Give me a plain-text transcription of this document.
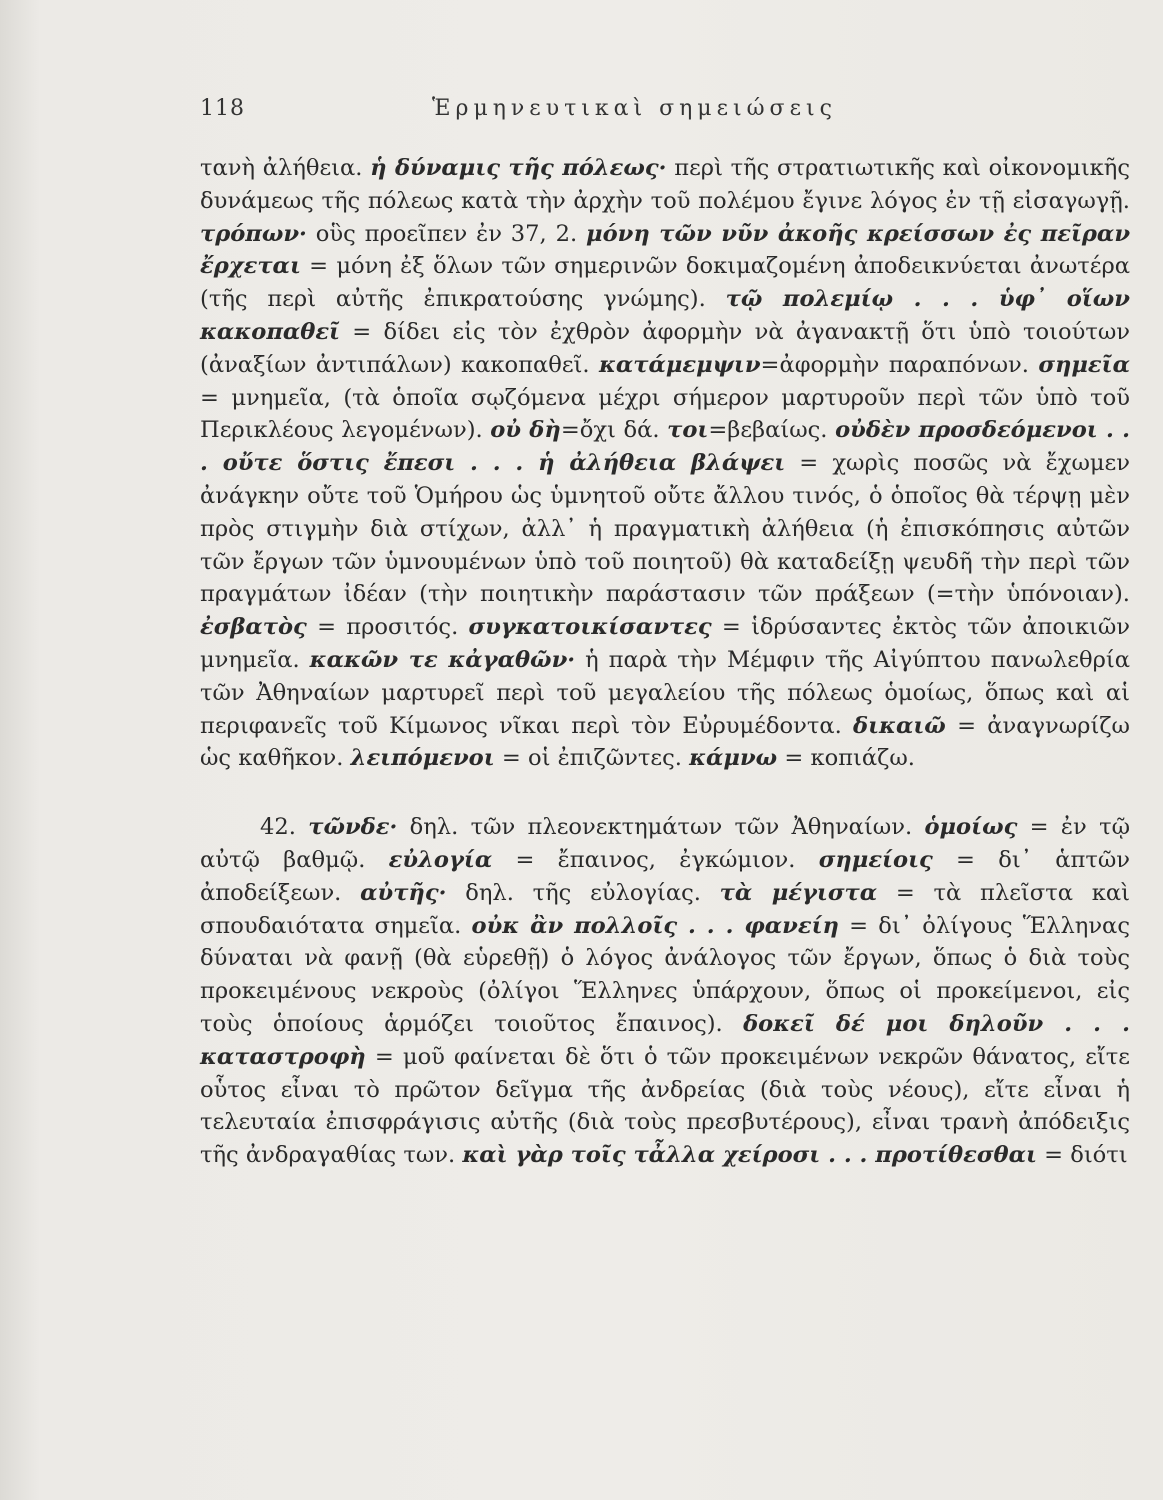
118	Ἑρμηνευτικαὶ σημειώσεις

τανὴ ἀλήθεια. ἡ δύναμις τῆς πόλεως· περὶ τῆς στρατιωτικῆς καὶ οἰκονομικῆς δυνάμεως τῆς πόλεως κατὰ τὴν ἀρχὴν τοῦ πολέμου ἔγινε λόγος ἐν τῇ εἰσαγωγῇ. τρόπων· οὓς προεῖπεν ἐν 37, 2. μόνη τῶν νῦν ἀκοῆς κρείσσων ἐς πεῖραν ἔρχεται = μόνη ἐξ ὅλων τῶν σημερινῶν δοκιμαζομένη ἀποδεικνύεται ἀνωτέρα (τῆς περὶ αὐτῆς ἐπικρατούσης γνώμης). τῷ πολεμίῳ . . . ὑφ᾽ οἵων κακοπαθεῖ = δίδει εἰς τὸν ἐχθρὸν ἀφορμὴν νὰ ἀγανακτῇ ὅτι ὑπὸ τοιούτων (ἀναξίων ἀντιπάλων) κακοπαθεῖ. κατάμεμψιν=ἀφορμὴν παραπόνων. σημεῖα = μνημεῖα, (τὰ ὁποῖα σῳζόμενα μέχρι σήμερον μαρτυροῦν περὶ τῶν ὑπὸ τοῦ Περικλέους λεγομένων). οὐ δὴ=ὄχι δά. τοι=βεβαίως. οὐδὲν προσδεόμενοι . . . οὔτε ὅστις ἔπεσι . . . ἡ ἀλήθεια βλάψει = χωρὶς ποσῶς νὰ ἔχωμεν ἀνάγκην οὔτε τοῦ Ὁμήρου ὡς ὑμνητοῦ οὔτε ἄλλου τινός, ὁ ὁποῖος θὰ τέρψῃ μὲν πρὸς στιγμὴν διὰ στίχων, ἀλλ᾽ ἡ πραγματικὴ ἀλήθεια (ἡ ἐπισκόπησις αὐτῶν τῶν ἔργων τῶν ὑμνουμένων ὑπὸ τοῦ ποιητοῦ) θὰ καταδείξῃ ψευδῆ τὴν περὶ τῶν πραγμάτων ἰδέαν (τὴν ποιητικὴν παράστασιν τῶν πράξεων (=τὴν ὑπόνοιαν). ἐσβατὸς = προσιτός. συγκατοικίσαντες = ἱδρύσαντες ἐκτὸς τῶν ἀποικιῶν μνημεῖα. κακῶν τε κἀγαθῶν· ἡ παρὰ τὴν Μέμφιν τῆς Αἰγύπτου πανωλεθρία τῶν Ἀθηναίων μαρτυρεῖ περὶ τοῦ μεγαλείου τῆς πόλεως ὁμοίως, ὅπως καὶ αἱ περιφανεῖς τοῦ Κίμωνος νῖκαι περὶ τὸν Εὐρυμέδοντα. δικαιῶ = ἀναγνωρίζω ὡς καθῆκον. λειπόμενοι = οἱ ἐπιζῶντες. κάμνω = κοπιάζω.

42. τῶνδε· δηλ. τῶν πλεονεκτημάτων τῶν Ἀθηναίων. ὁμοίως = ἐν τῷ αὐτῷ βαθμῷ. εὐλογία = ἔπαινος, ἐγκώμιον. σημείοις = δι᾽ ἁπτῶν ἀποδείξεων. αὐτῆς· δηλ. τῆς εὐλογίας. τὰ μέγιστα = τὰ πλεῖστα καὶ σπουδαιότατα σημεῖα. οὐκ ἂν πολλοῖς . . . φανείη = δι᾽ ὀλίγους Ἕλληνας δύναται νὰ φανῇ (θὰ εὑρεθῇ) ὁ λόγος ἀνάλογος τῶν ἔργων, ὅπως ὁ διὰ τοὺς προκειμένους νεκροὺς (ὀλίγοι Ἕλληνες ὑπάρχουν, ὅπως οἱ προκείμενοι, εἰς τοὺς ὁποίους ἁρμόζει τοιοῦτος ἔπαινος). δοκεῖ δέ μοι δηλοῦν . . . καταστροφὴ = μοῦ φαίνεται δὲ ὅτι ὁ τῶν προκειμένων νεκρῶν θάνατος, εἴτε οὗτος εἶναι τὸ πρῶτον δεῖγμα τῆς ἀνδρείας (διὰ τοὺς νέους), εἴτε εἶναι ἡ τελευταία ἐπισφράγισις αὐτῆς (διὰ τοὺς πρεσβυτέρους), εἶναι τρανὴ ἀπόδειξις τῆς ἀνδραγαθίας των. καὶ γὰρ τοῖς τἆλλα χείροσι . . . προτίθεσθαι = διότι
